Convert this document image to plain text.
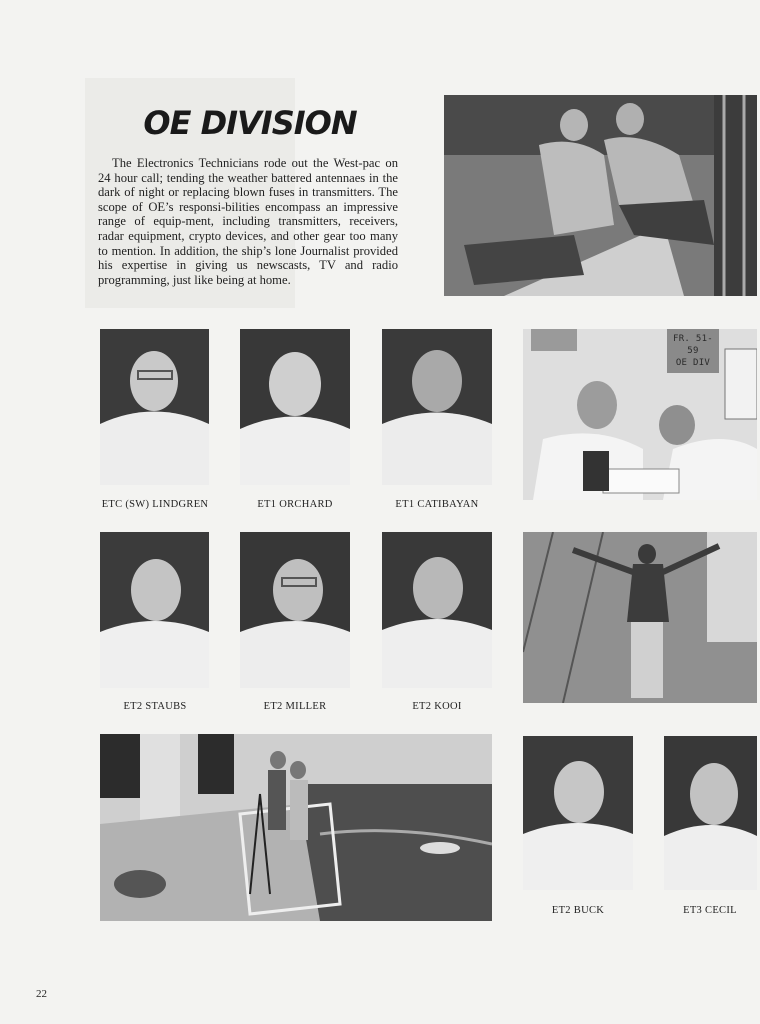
OE DIVISION

The Electronics Technicians rode out the West-pac on 24 hour call; tending the weather battered antennaes in the dark of night or replacing blown fuses in transmitters. The scope of OE’s responsi-bilities encompass an impressive range of equip-ment, including transmitters, receivers, radar equipment, crypto devices, and other gear too many to mention. In addition, the ship’s lone Journalist provided his expertise in giving us newscasts, TV and radio programming, just like being at home.

FR. 51-59
OE DIV
ETC (SW) LINDGREN	ET1 ORCHARD	ET1 CATIBAYAN
ET2 STAUBS	ET2 MILLER	ET2 KOOI
ET2 BUCK	ET3 CECIL
22
